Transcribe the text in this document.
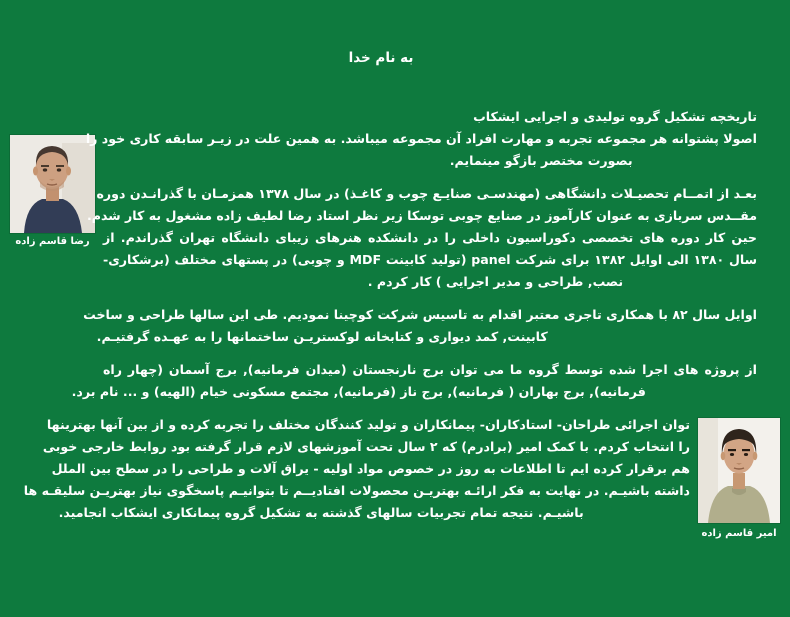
به نام خدا
رضا قاسم زاده
تاریخچه تشکیل گروه تولیدی و اجرایی ایشکاب
اصولا پشتوانه هر مجموعه تجربه و مهارت افراد آن مجموعه میباشد. به همین علت در زیـر سابقه کاری خود را
بصورت مختصر بازگو مینمایم.
بعـد از اتمــام تحصیـلات دانشگاهی (مهندسـی صنایـع چوب و کاغـذ) در سال ۱۳۷۸ همزمـان با گذرانـدن دوره
مقــدس سربازی به عنوان کارآموز در صنایع چوبی توسکا زیر نظر استاد رضا لطیف زاده مشغول به کار شدم.
حین کار دوره های تخصصی دکوراسیون داخلی را در دانشکده هنرهای زیبای دانشگاه تهران گذراندم. از
سال ۱۳۸۰ الی اوایل ۱۳۸۲ برای شرکت panel (تولید کابینت MDF و چوبی) در پستهای مختلف (برشکاری-
نصب, طراحی و مدیر اجرایی ) کار کردم .
اوایل سال ۸۲ با همکاری تاجری معتبر اقدام به تاسیس شرکت کوچینا نمودیم. طی این سالها طراحی و ساخت
کابینت, کمد دیواری و کتابخانه لوکستریـن ساختمانها را به عهـده گرفتیـم.
از پروژه های اجرا شده توسط گروه ما می توان برج نارنجستان (میدان فرمانیه), برج آسمان (چهار راه
فرمانیه), برج بهاران ( فرمانیه), برج ناز (فرمانیه), مجتمع مسکونی خیام (الهیه) و ... نام برد.
توان اجرائی طراحان- استادکاران- پیمانکاران و تولید کنندگان مختلف را تجربه کرده و از بین آنها بهترینها
را انتخاب کردم. با کمک امیر (برادرم) که ۲ سال تحت آموزشهای لازم قرار گرفته بود روابط خارجی خوبی
هم برقرار کرده ایم تا اطلاعات به روز در خصوص مواد اولیه - یراق آلات و طراحی را در سطح بین الملل
داشته باشیـم. در نهایت به فکر ارائـه بهتریـن محصولات افتادیــم تا بتوانیـم پاسخگوی نیاز بهتریـن سلیقـه ها
باشیـم. نتیجه تمام تجربیات سالهای گذشته به تشکیل گروه پیمانکاری ایشکاب انجامید.
امیر قاسم زاده
